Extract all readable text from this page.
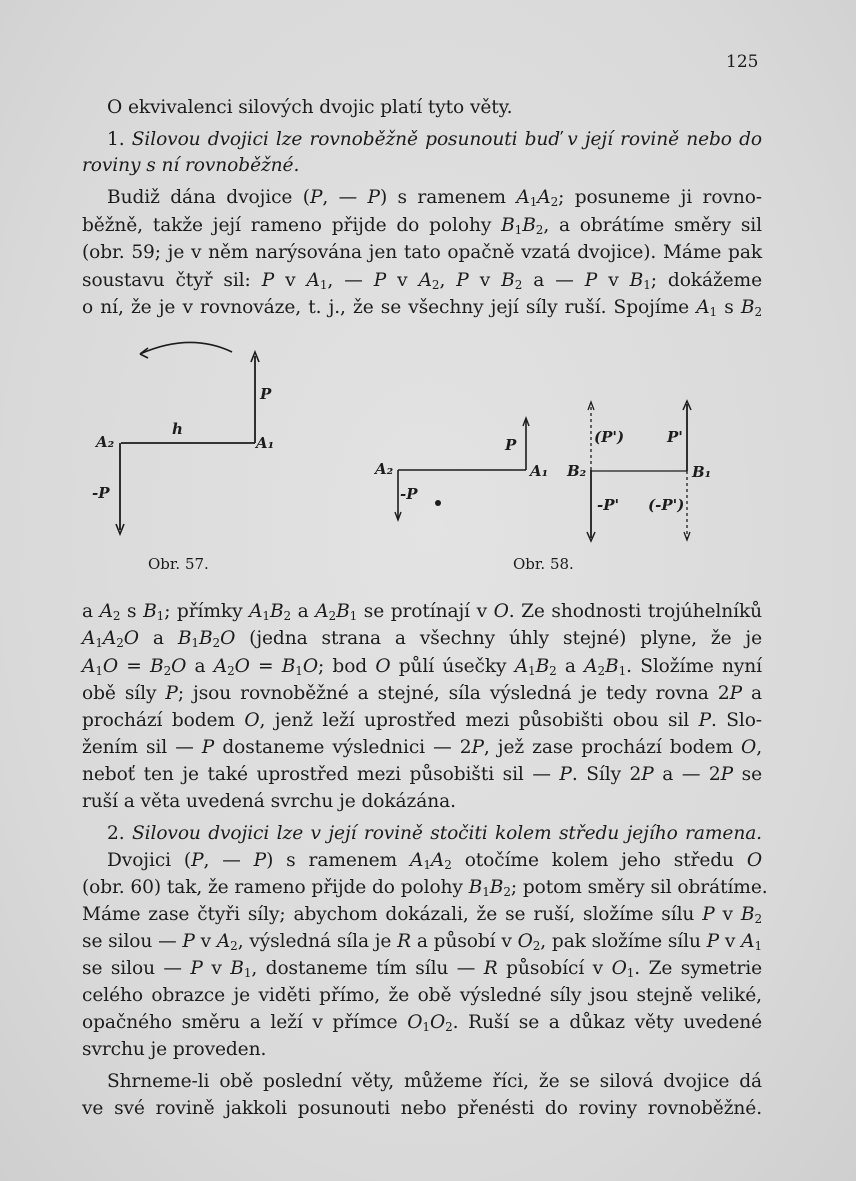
125
O ekvivalenci silových dvojic platí tyto věty.
1. Silovou dvojici lze rovnoběžně posunouti buď v její rovině nebo do
roviny s ní rovnoběžné.
Budiž dána dvojice (P, — P) s ramenem $A_1A_2$; posuneme ji rovno-
běžně, takže její rameno přijde do polohy $B_1B_2$, a obrátíme směry sil
(obr. 59; je v něm narýsována jen tato opačně vzatá dvojice). Máme pak
soustavu čtyř sil: P v $A_1$, — P v $A_2$, P v $B_2$ a — P v $B_1$; dokážeme
o ní, že je v rovnováze, t. j., že se všechny její síly ruší. Spojíme $A_1$ s $B_2$
P
h
A₂	A₁
-P
Obr. 57.
P
A₂	A₁
-P
(P')	P'
B₂	B₁
-P' (-P')
Obr. 58.
a $A_2$ s $B_1$; přímky $A_1B_2$ a $A_2B_1$ se protínají v O. Ze shodnosti trojúhelníků
$A_1A_2O$ a $B_1B_2O$ (jedna strana a všechny úhly stejné) plyne, že je
$A_1O = B_2O$ a $A_2O = B_1O$; bod O půlí úsečky $A_1B_2$ a $A_2B_1$. Složíme nyní
obě síly P; jsou rovnoběžné a stejné, síla výsledná je tedy rovna 2P a
prochází bodem O, jenž leží uprostřed mezi působišti obou sil P. Slo-
žením sil — P dostaneme výslednici — 2P, jež zase prochází bodem O,
neboť ten je také uprostřed mezi působišti sil — P. Síly 2P a — 2P se
ruší a věta uvedená svrchu je dokázána.
2. Silovou dvojici lze v její rovině stočiti kolem středu jejího ramena.
Dvojici (P, — P) s ramenem $A_1A_2$ otočíme kolem jeho středu O
(obr. 60) tak, že rameno přijde do polohy $B_1B_2$; potom směry sil obrátíme.
Máme zase čtyři síly; abychom dokázali, že se ruší, složíme sílu P v $B_2$
se silou — P v $A_2$, výsledná síla je R a působí v $O_2$, pak složíme sílu P v $A_1$
se silou — P v $B_1$, dostaneme tím sílu — R působící v $O_1$. Ze symetrie
celého obrazce je viděti přímo, že obě výsledné síly jsou stejně veliké,
opačného směru a leží v přímce $O_1O_2$. Ruší se a důkaz věty uvedené
svrchu je proveden.
Shrneme-li obě poslední věty, můžeme říci, že se silová dvojice dá
ve své rovině jakkoli posunouti nebo přenésti do roviny rovnoběžné.
